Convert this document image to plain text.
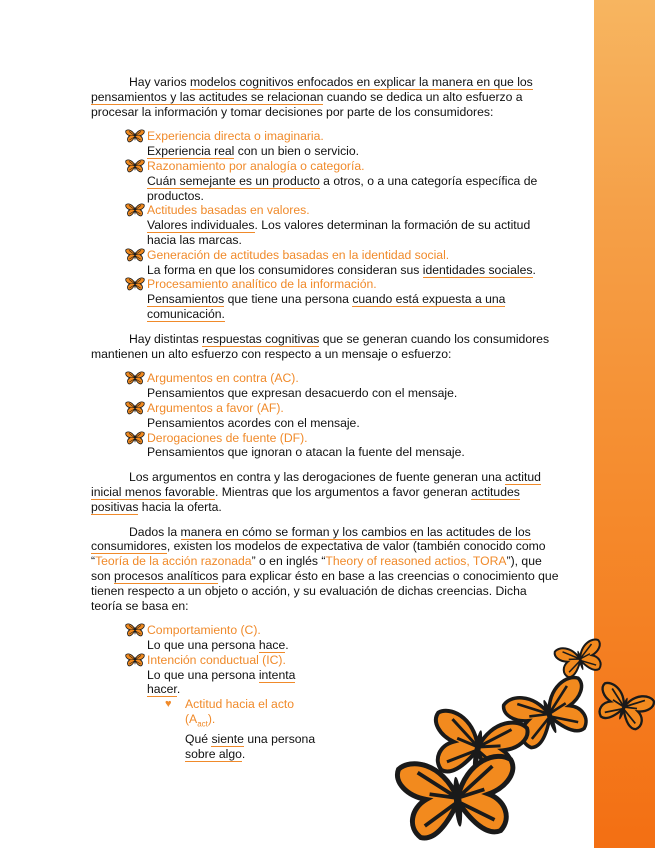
Hay varios modelos cognitivos enfocados en explicar la manera en que los pensamientos y las actitudes se relacionan cuando se dedica un alto esfuerzo a procesar la información y tomar decisiones por parte de los consumidores:

Experiencia directa o imaginaria.
Experiencia real con un bien o servicio.
Razonamiento por analogía o categoría.
Cuán semejante es un producto a otros, o a una categoría específica de productos.
Actitudes basadas en valores.
Valores individuales. Los valores determinan la formación de su actitud hacia las marcas.
Generación de actitudes basadas en la identidad social.
La forma en que los consumidores consideran sus identidades sociales.
Procesamiento analítico de la información.
Pensamientos que tiene una persona cuando está expuesta a una comunicación.

Hay distintas respuestas cognitivas que se generan cuando los consumidores mantienen un alto esfuerzo con respecto a un mensaje o esfuerzo:

Argumentos en contra (AC).
Pensamientos que expresan desacuerdo con el mensaje.
Argumentos a favor (AF).
Pensamientos acordes con el mensaje.
Derogaciones de fuente (DF).
Pensamientos que ignoran o atacan la fuente del mensaje.

Los argumentos en contra y las derogaciones de fuente generan una actitud inicial menos favorable. Mientras que los argumentos a favor generan actitudes positivas hacia la oferta.

Dados la manera en cómo se forman y los cambios en las actitudes de los consumidores, existen los modelos de expectativa de valor (también conocido como “Teoría de la acción razonada” o en inglés “Theory of reasoned actios, TORA”), que son procesos analíticos para explicar ésto en base a las creencias o conocimiento que tienen respecto a un objeto o acción, y su evaluación de dichas creencias. Dicha teoría se basa en:

Comportamiento (C).
Lo que una persona hace.
Intención conductual (IC).
Lo que una persona intenta hacer.
♥ Actitud hacia el acto $(A_{act})$.
Qué siente una persona sobre algo.
